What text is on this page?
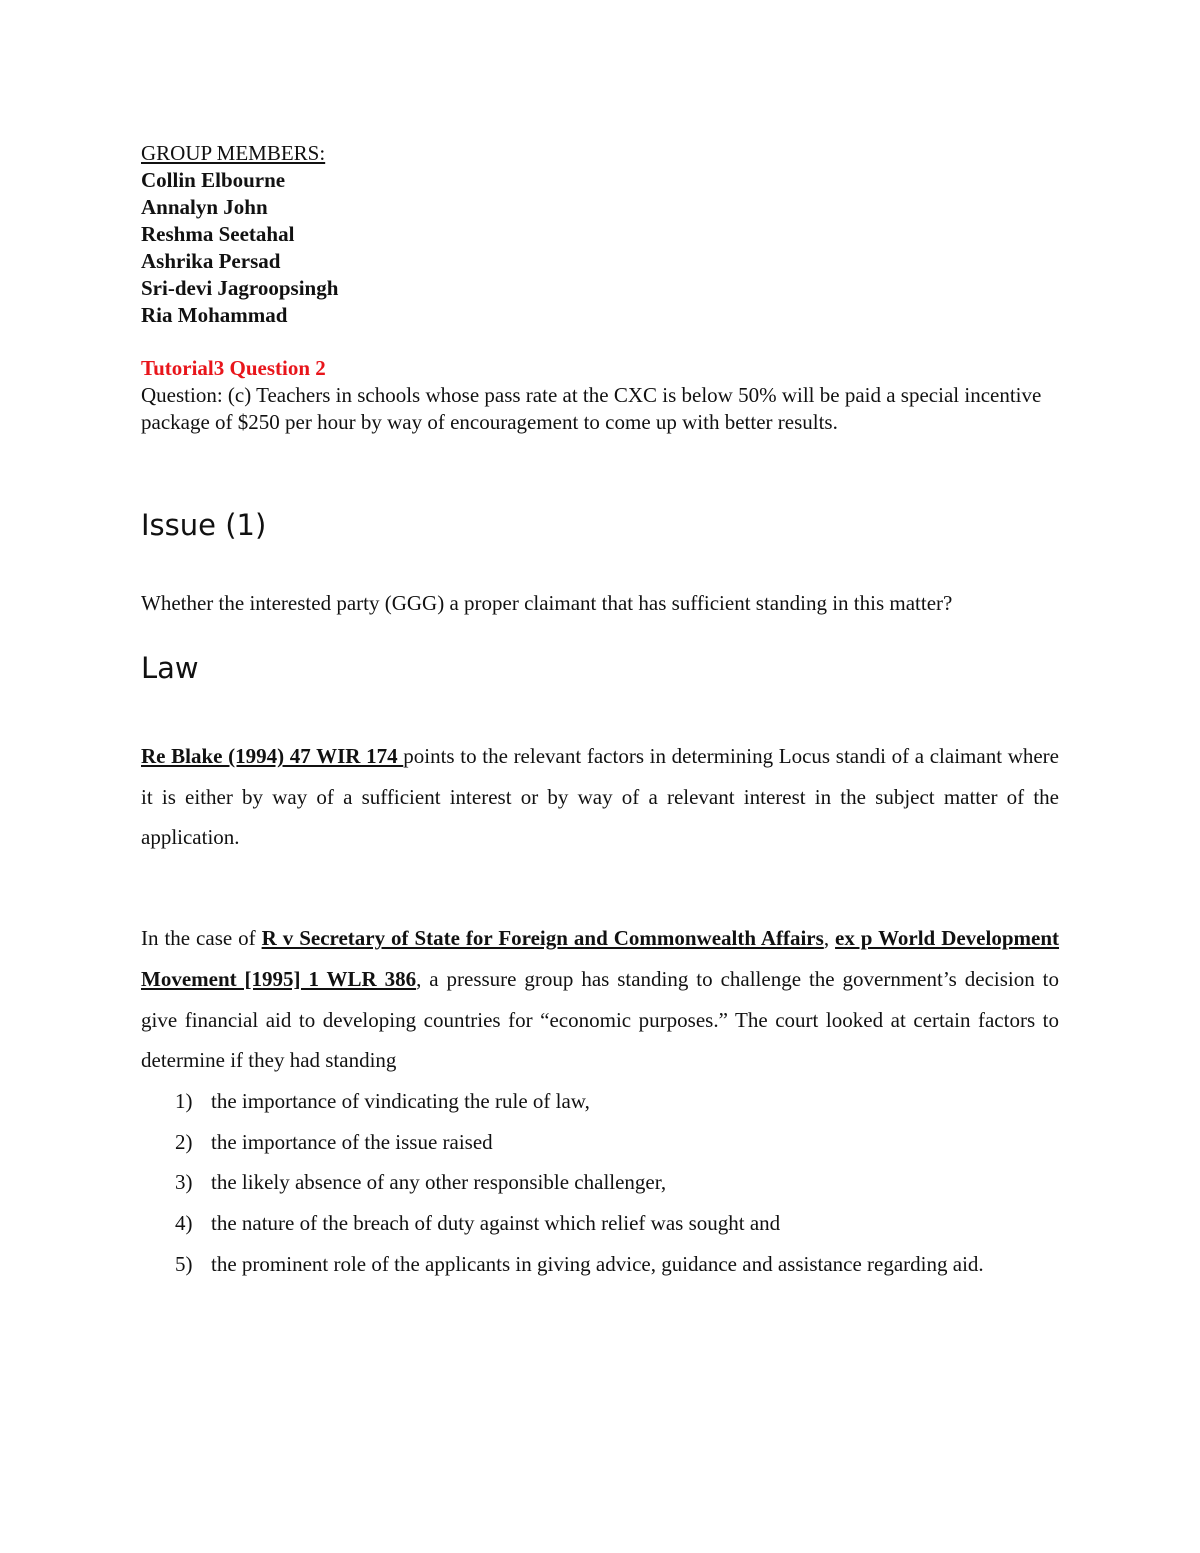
GROUP MEMBERS:

Collin Elbourne

Annalyn John

Reshma Seetahal

Ashrika Persad

Sri-devi Jagroopsingh

Ria Mohammad

Tutorial3 Question 2

Question: (c) Teachers in schools whose pass rate at the CXC is below 50% will be paid a special incentive package of $250 per hour by way of encouragement to come up with better results.

Issue (1)

Whether the interested party (GGG) a proper claimant that has sufficient standing in this matter?

Law

Re Blake (1994) 47 WIR 174 points to the relevant factors in determining Locus standi of a claimant where it is either by way of a sufficient interest or by way of a relevant interest in the subject matter of the application.

In the case of R v Secretary of State for Foreign and Commonwealth Affairs, ex p World Development Movement [1995] 1 WLR 386, a pressure group has standing to challenge the government’s decision to give financial aid to developing countries for “economic purposes.” The court looked at certain factors to determine if they had standing

1) the importance of vindicating the rule of law,
2) the importance of the issue raised
3) the likely absence of any other responsible challenger,
4) the nature of the breach of duty against which relief was sought and
5) the prominent role of the applicants in giving advice, guidance and assistance regarding aid.
